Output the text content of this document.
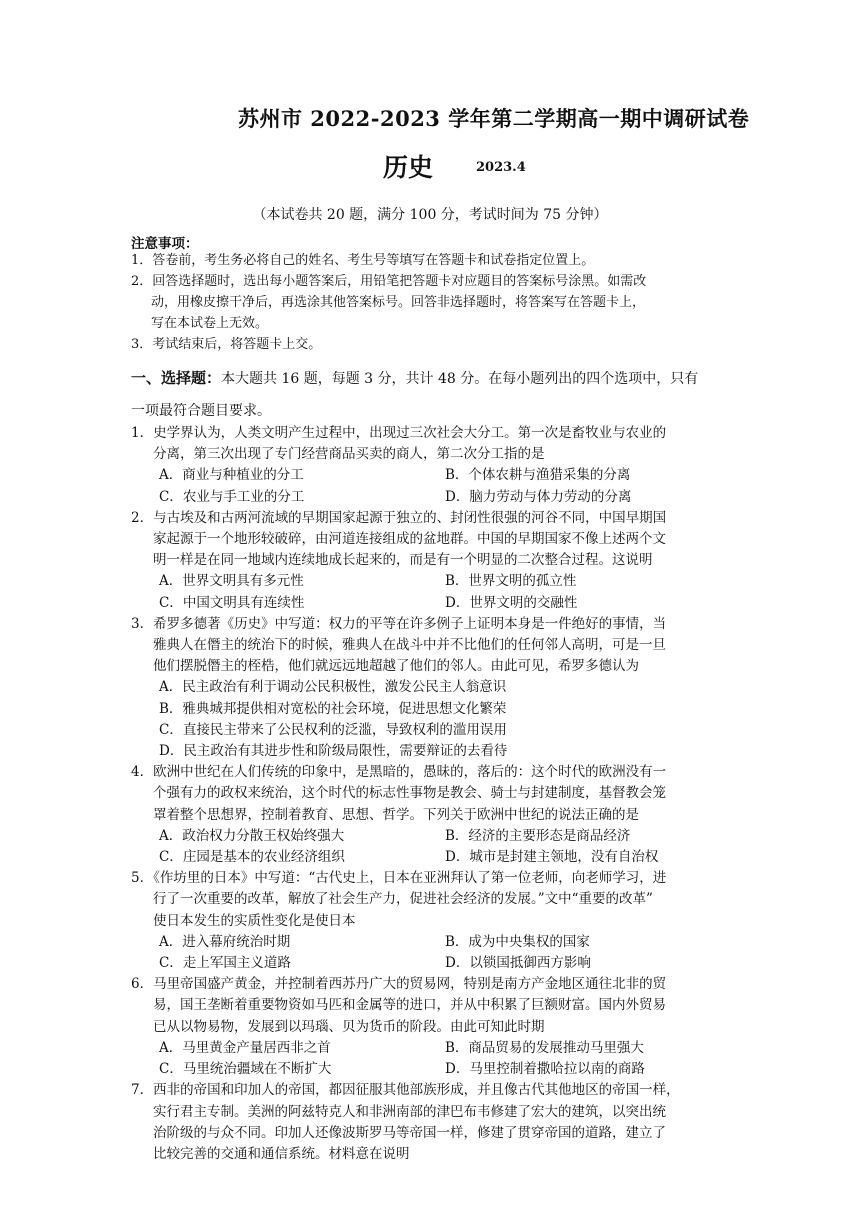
苏州市 2022-2023 学年第二学期高一期中调研试卷
历史	2023.4
（本试卷共 20 题，满分 100 分，考试时间为 75 分钟）
注意事项：
1．答卷前，考生务必将自己的姓名、考生号等填写在答题卡和试卷指定位置上。
2．回答选择题时，选出每小题答案后，用铅笔把答题卡对应题目的答案标号涂黑。如需改
动，用橡皮擦干净后，再选涂其他答案标号。回答非选择题时，将答案写在答题卡上，
写在本试卷上无效。
3．考试结束后，将答题卡上交。
一、选择题：本大题共 16 题，每题 3 分，共计 48 分。在每小题列出的四个选项中，只有
一项最符合题目要求。
1．史学界认为，人类文明产生过程中，出现过三次社会大分工。第一次是畜牧业与农业的
分离，第三次出现了专门经营商品买卖的商人，第二次分工指的是
A．商业与种植业的分工	B．个体农耕与渔猎采集的分离
C．农业与手工业的分工	D．脑力劳动与体力劳动的分离
2．与古埃及和古两河流域的早期国家起源于独立的、封闭性很强的河谷不同，中国早期国
家起源于一个地形较破碎，由河道连接组成的盆地群。中国的早期国家不像上述两个文
明一样是在同一地域内连续地成长起来的，而是有一个明显的二次整合过程。这说明
A．世界文明具有多元性	B．世界文明的孤立性
C．中国文明具有连续性	D．世界文明的交融性
3．希罗多德著《历史》中写道：权力的平等在许多例子上证明本身是一件绝好的事情，当
雅典人在僭主的统治下的时候，雅典人在战斗中并不比他们的任何邻人高明，可是一旦
他们摆脱僭主的桎梏，他们就远远地超越了他们的邻人。由此可见，希罗多德认为
A．民主政治有利于调动公民积极性，激发公民主人翁意识
B．雅典城邦提供相对宽松的社会环境，促进思想文化繁荣
C．直接民主带来了公民权利的泛滥，导致权利的滥用误用
D．民主政治有其进步性和阶级局限性，需要辩证的去看待
4．欧洲中世纪在人们传统的印象中，是黑暗的，愚昧的，落后的：这个时代的欧洲没有一
个强有力的政权来统治，这个时代的标志性事物是教会、骑士与封建制度，基督教会笼
罩着整个思想界，控制着教育、思想、哲学。下列关于欧洲中世纪的说法正确的是
A．政治权力分散王权始终强大	B．经济的主要形态是商品经济
C．庄园是基本的农业经济组织	D．城市是封建主领地，没有自治权
5．《作坊里的日本》中写道：“古代史上，日本在亚洲拜认了第一位老师，向老师学习，进
行了一次重要的改革，解放了社会生产力，促进社会经济的发展。”文中“重要的改革”
使日本发生的实质性变化是使日本
A．进入幕府统治时期	B．成为中央集权的国家
C．走上军国主义道路	D．以锁国抵御西方影响
6．马里帝国盛产黄金，并控制着西苏丹广大的贸易网，特别是南方产金地区通往北非的贸
易，国王垄断着重要物资如马匹和金属等的进口，并从中积累了巨额财富。国内外贸易
已从以物易物，发展到以玛瑙、贝为货币的阶段。由此可知此时期
A．马里黄金产量居西非之首	B．商品贸易的发展推动马里强大
C．马里统治疆域在不断扩大	D．马里控制着撒哈拉以南的商路
7．西非的帝国和印加人的帝国，都因征服其他部族形成，并且像古代其他地区的帝国一样，
实行君主专制。美洲的阿兹特克人和非洲南部的津巴布韦修建了宏大的建筑，以突出统
治阶级的与众不同。印加人还像波斯罗马等帝国一样，修建了贯穿帝国的道路，建立了
比较完善的交通和通信系统。材料意在说明
